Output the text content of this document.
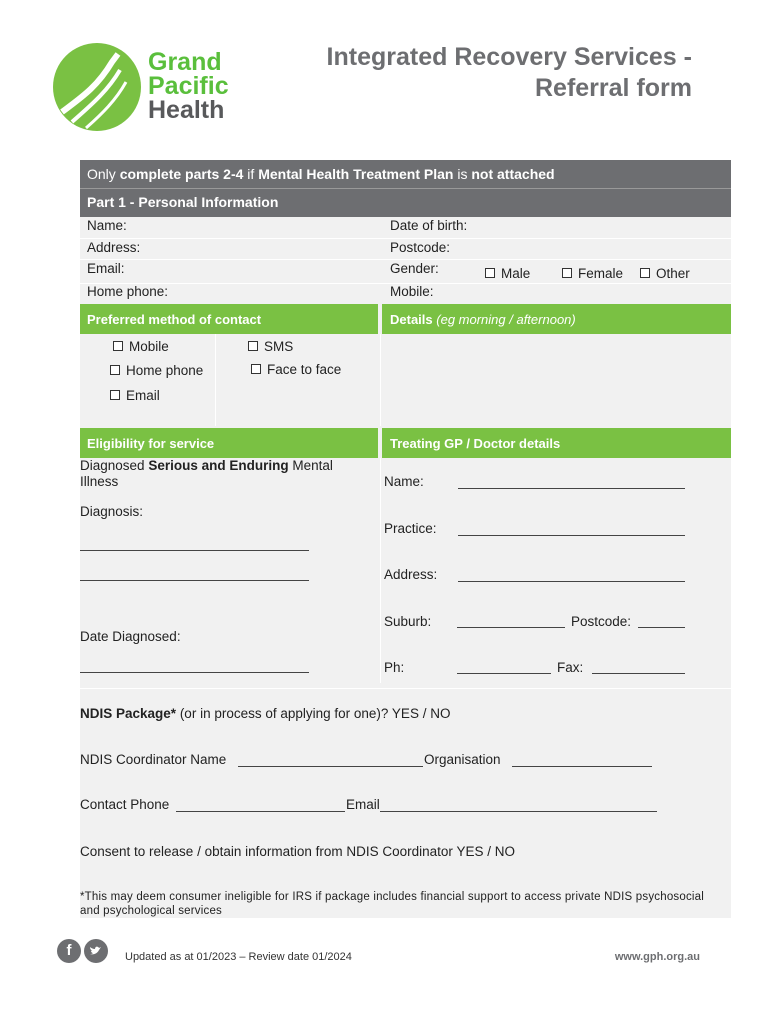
Grand
Pacific
Health
Integrated Recovery Services -
Referral form
Only complete parts 2-4 if Mental Health Treatment Plan is not attached
Part 1 - Personal Information
Name:	Date of birth:
Address:	Postcode:
Email:	Gender:	Male	Female	Other
Home phone:	Mobile:
Preferred method of contact	Details (eg morning / afternoon)
Mobile	SMS
Home phone	Face to face
Email
Eligibility for service	Treating GP / Doctor details
Diagnosed Serious and Enduring Mental Illness
Diagnosis:
Date Diagnosed:
Name:
Practice:
Address:
Suburb:	Postcode:
Ph:	Fax:
NDIS Package* (or in process of applying for one)? YES / NO
NDIS Coordinator Name	Organisation
Contact Phone	Email
Consent to release / obtain information from NDIS Coordinator YES / NO
*This may deem consumer ineligible for IRS if package includes financial support to access private NDIS psychosocial and psychological services
f	Updated as at 01/2023 – Review date 01/2024	www.gph.org.au
